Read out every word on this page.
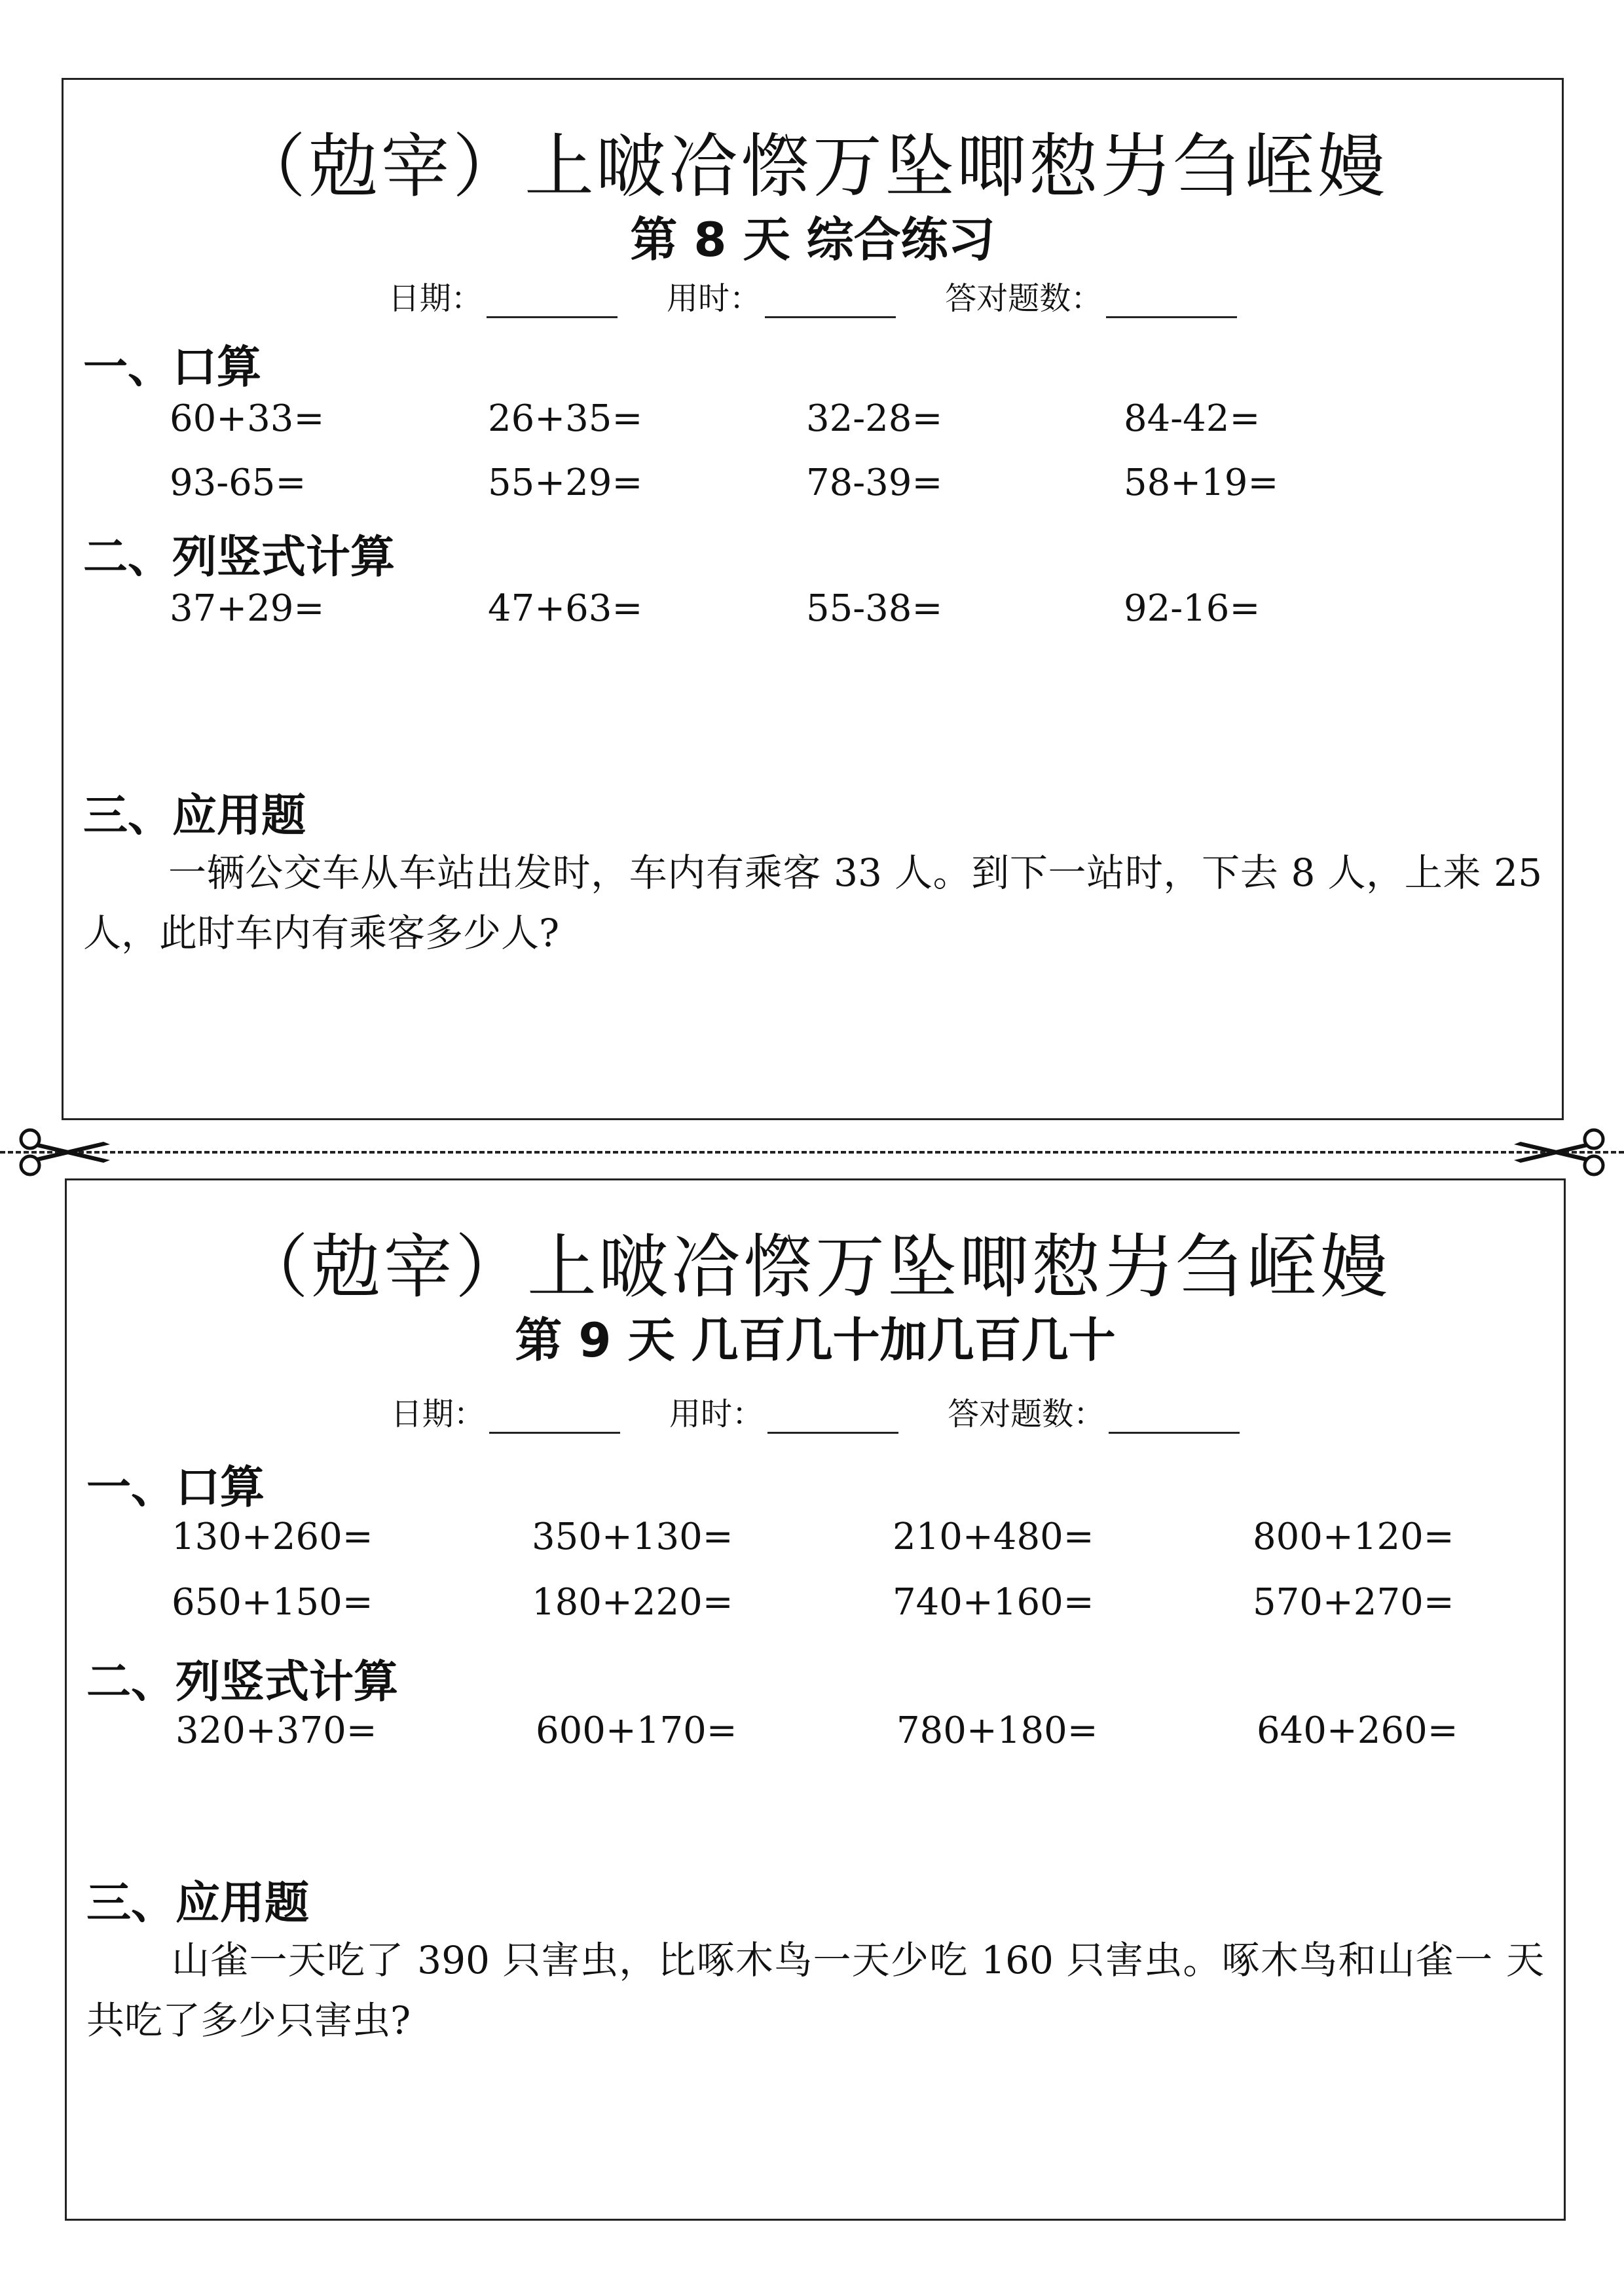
（勊宰）上啵冾憏万坠唧愸屴刍峌嫚
第 8 天 综合练习
日期：	用时：	答对题数：
一、口算
60+33=	26+35=	32-28=	84-42=
93-65=	55+29=	78-39=	58+19=
二、列竖式计算
37+29=	47+63=	55-38=	92-16=
三、应用题
一辆公交车从车站出发时，车内有乘客 33 人。到下一站时，下去 8 人，上来 25 人，此时车内有乘客多少人?
（勊宰）上啵冾憏万坠唧愸屴刍峌嫚
第 9 天 几百几十加几百几十
日期：	用时：	答对题数：
一、口算
130+260=	350+130=	210+480=	800+120=
650+150=	180+220=	740+160=	570+270=
二、列竖式计算
320+370=	600+170=	780+180=	640+260=
三、应用题
山雀一天吃了 390 只害虫，比啄木鸟一天少吃 160 只害虫。啄木鸟和山雀一 天共吃了多少只害虫?
